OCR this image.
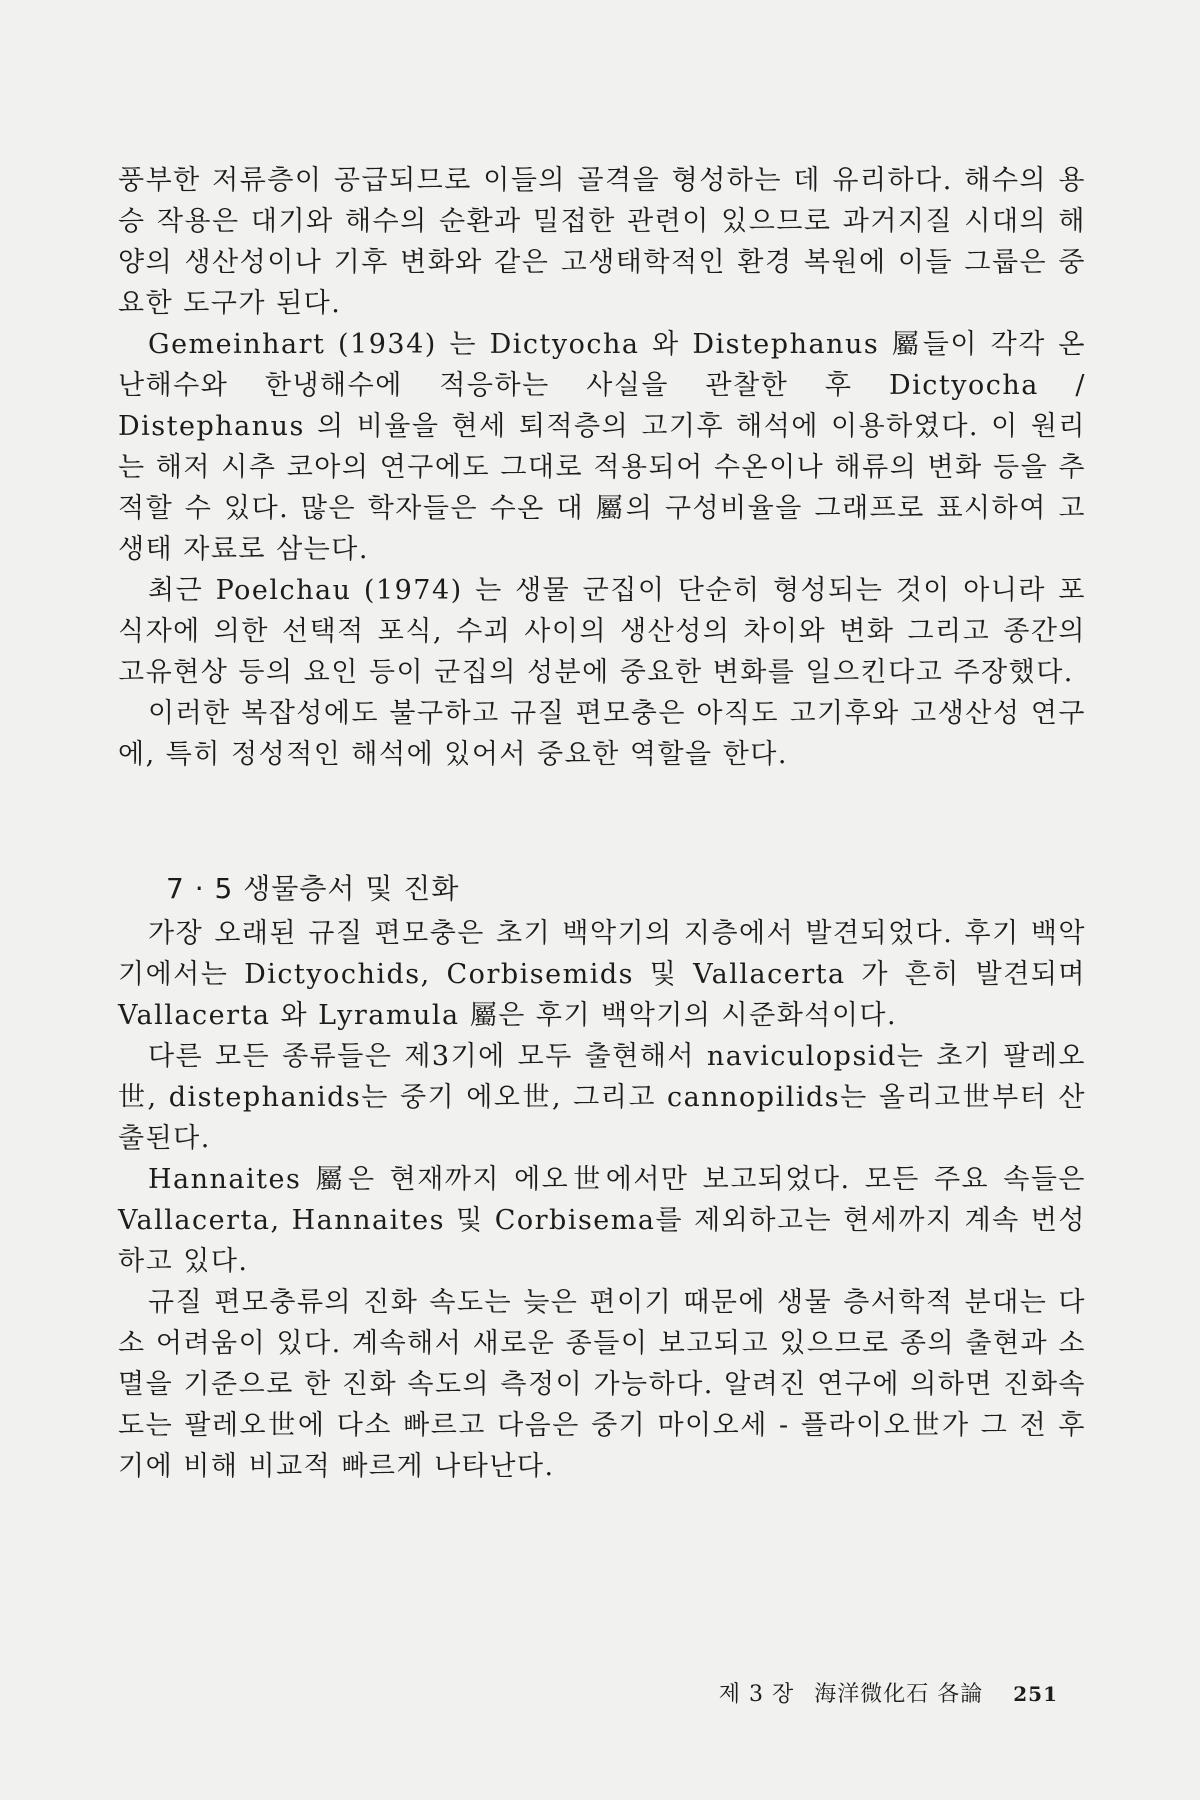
풍부한 저류층이 공급되므로 이들의 골격을 형성하는 데 유리하다. 해수의 용승 작용은 대기와 해수의 순환과 밀접한 관련이 있으므로 과거지질 시대의 해양의 생산성이나 기후 변화와 같은 고생태학적인 환경 복원에 이들 그룹은 중요한 도구가 된다.

Gemeinhart (1934) 는 Dictyocha 와 Distephanus 屬들이 각각 온난해수와 한냉해수에 적응하는 사실을 관찰한 후 Dictyocha / Distephanus 의 비율을 현세 퇴적층의 고기후 해석에 이용하였다. 이 원리는 해저 시추 코아의 연구에도 그대로 적용되어 수온이나 해류의 변화 등을 추적할 수 있다. 많은 학자들은 수온 대 屬의 구성비율을 그래프로 표시하여 고생태 자료로 삼는다.

최근 Poelchau (1974) 는 생물 군집이 단순히 형성되는 것이 아니라 포식자에 의한 선택적 포식, 수괴 사이의 생산성의 차이와 변화 그리고 종간의 고유현상 등의 요인 등이 군집의 성분에 중요한 변화를 일으킨다고 주장했다.

이러한 복잡성에도 불구하고 규질 편모충은 아직도 고기후와 고생산성 연구에, 특히 정성적인 해석에 있어서 중요한 역할을 한다.

7 · 5 생물층서 및 진화

가장 오래된 규질 편모충은 초기 백악기의 지층에서 발견되었다. 후기 백악기에서는 Dictyochids, Corbisemids 및 Vallacerta 가 흔히 발견되며 Vallacerta 와 Lyramula 屬은 후기 백악기의 시준화석이다.

다른 모든 종류들은 제3기에 모두 출현해서 naviculopsid는 초기 팔레오世, distephanids는 중기 에오世, 그리고 cannopilids는 올리고世부터 산출된다.

Hannaites 屬은 현재까지 에오世에서만 보고되었다. 모든 주요 속들은 Vallacerta, Hannaites 및 Corbisema를 제외하고는 현세까지 계속 번성하고 있다.

규질 편모충류의 진화 속도는 늦은 편이기 때문에 생물 층서학적 분대는 다소 어려움이 있다. 계속해서 새로운 종들이 보고되고 있으므로 종의 출현과 소멸을 기준으로 한 진화 속도의 측정이 가능하다. 알려진 연구에 의하면 진화속도는 팔레오世에 다소 빠르고 다음은 중기 마이오세 - 플라이오世가 그 전 후기에 비해 비교적 빠르게 나타난다.

제 3 장 海洋微化石 各論 251
